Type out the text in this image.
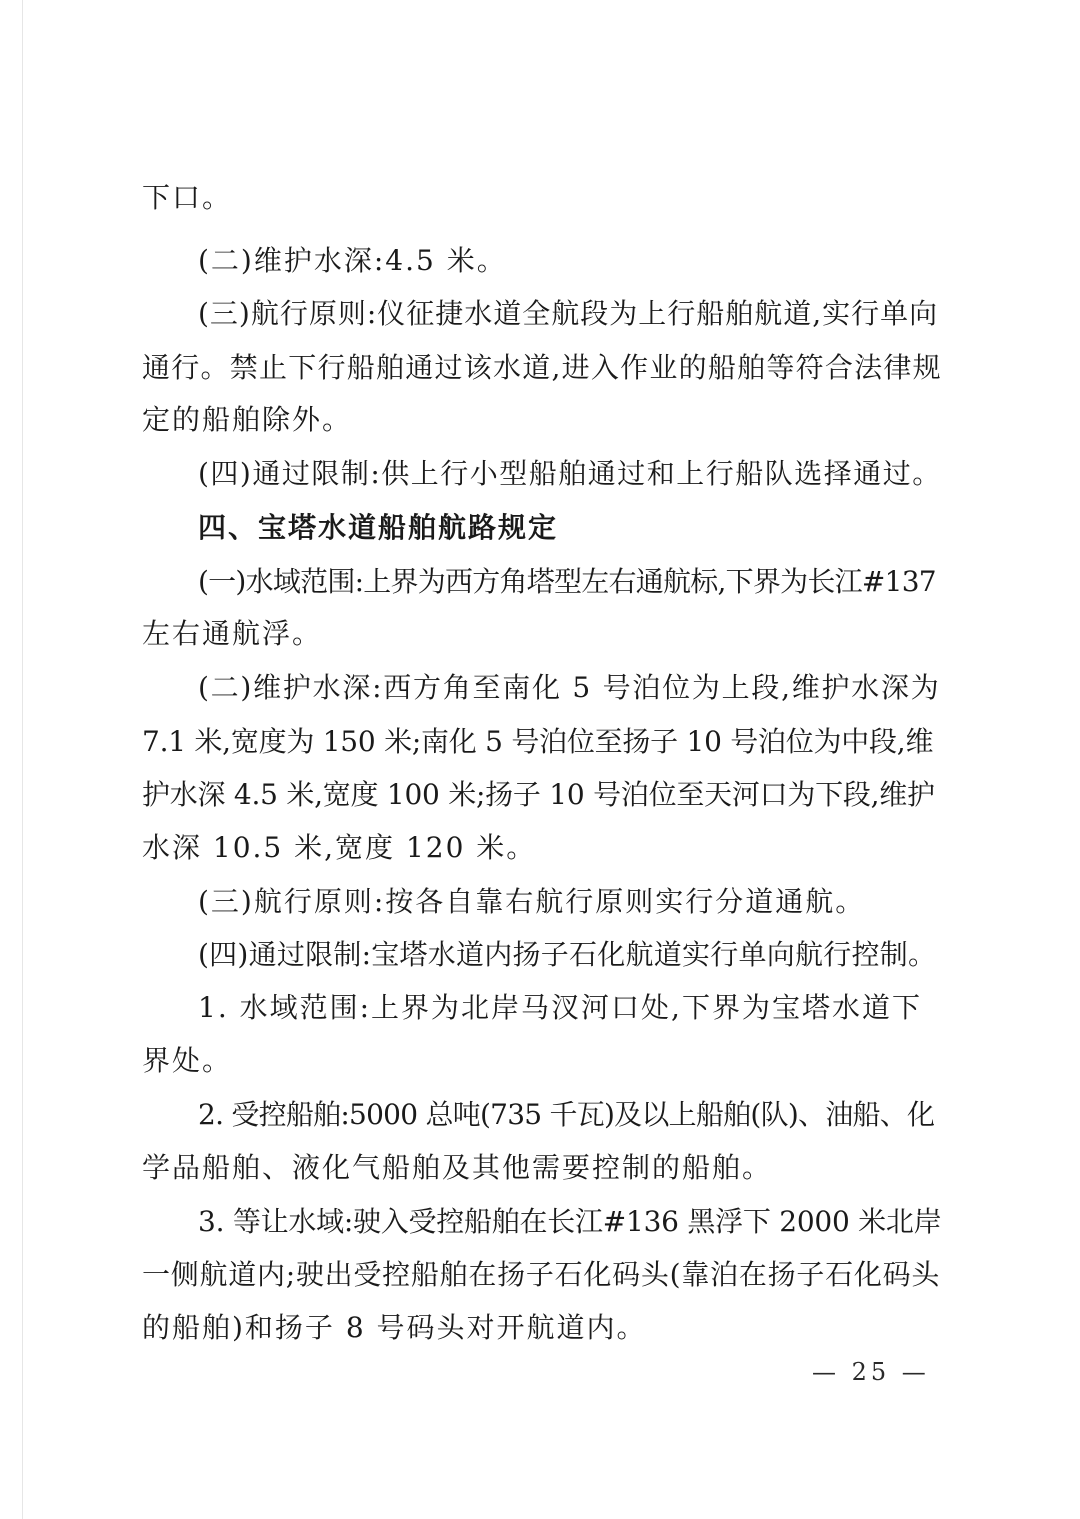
下口。
(二)维护水深:4.5 米。
(三)航行原则:仪征捷水道全航段为上行船舶航道,实行单向
通行。禁止下行船舶通过该水道,进入作业的船舶等符合法律规
定的船舶除外。
(四)通过限制:供上行小型船舶通过和上行船队选择通过。
四、宝塔水道船舶航路规定
(一)水域范围:上界为西方角塔型左右通航标,下界为长江#137
左右通航浮。
(二)维护水深:西方角至南化 5 号泊位为上段,维护水深为
7.1 米,宽度为 150 米;南化 5 号泊位至扬子 10 号泊位为中段,维
护水深 4.5 米,宽度 100 米;扬子 10 号泊位至天河口为下段,维护
水深 10.5 米,宽度 120 米。
(三)航行原则:按各自靠右航行原则实行分道通航。
(四)通过限制:宝塔水道内扬子石化航道实行单向航行控制。
1. 水域范围:上界为北岸马汊河口处,下界为宝塔水道下
界处。
2. 受控船舶:5000 总吨(735 千瓦)及以上船舶(队)、油船、化
学品船舶、液化气船舶及其他需要控制的船舶。
3. 等让水域:驶入受控船舶在长江#136 黑浮下 2000 米北岸
一侧航道内;驶出受控船舶在扬子石化码头(靠泊在扬子石化码头
的船舶)和扬子 8 号码头对开航道内。
— 25 —
